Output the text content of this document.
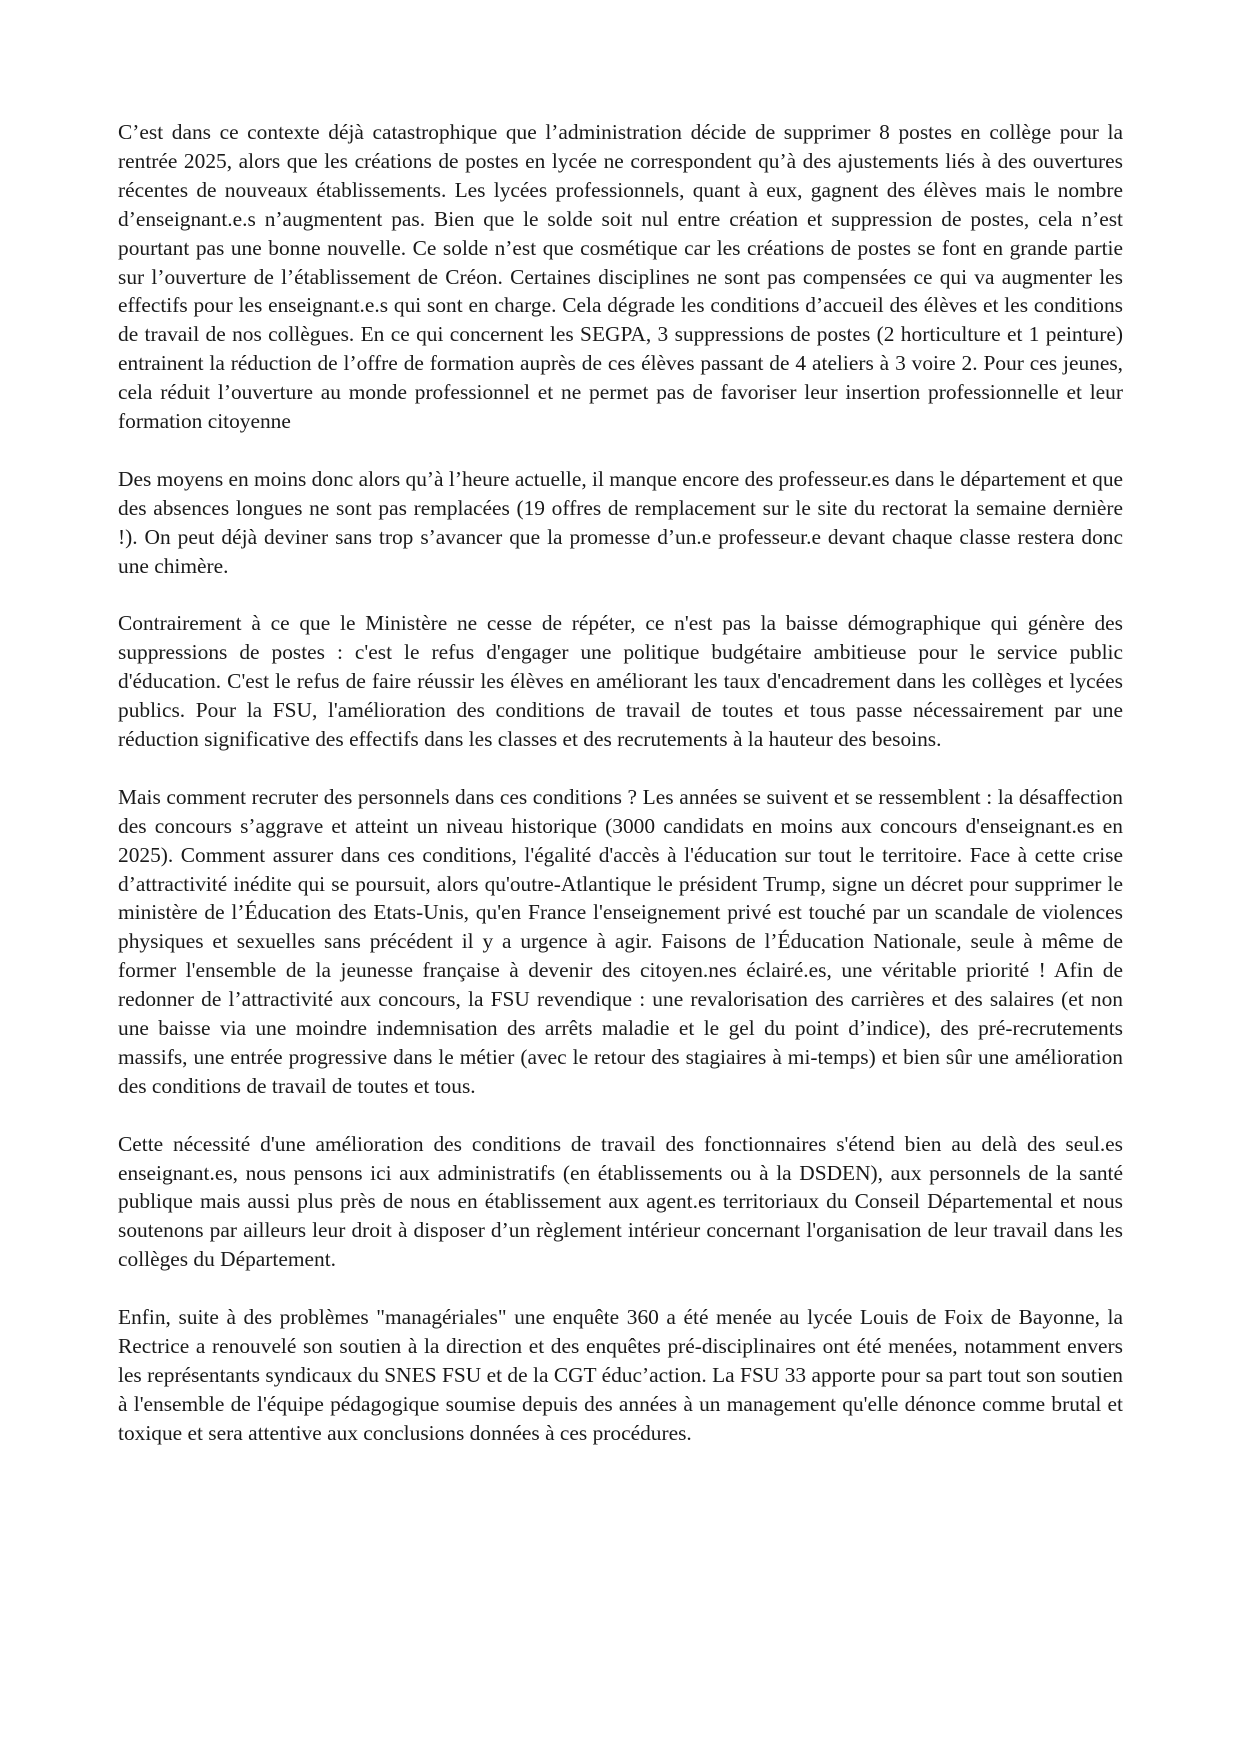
C’est dans ce contexte déjà catastrophique que l’administration décide de supprimer 8 postes en collège pour la rentrée 2025, alors que les créations de postes en lycée ne correspondent qu’à des ajustements liés à des ouvertures récentes de nouveaux établissements. Les lycées professionnels, quant à eux, gagnent des élèves mais le nombre d’enseignant.e.s n’augmentent pas. Bien que le solde soit nul entre création et suppression de postes, cela n’est pourtant pas une bonne nouvelle. Ce solde n’est que cosmétique car les créations de postes se font en grande partie sur l’ouverture de l’établissement de Créon. Certaines disciplines ne sont pas compensées ce qui va augmenter les effectifs pour les enseignant.e.s qui sont en charge. Cela dégrade les conditions d’accueil des élèves et les conditions de travail de nos collègues. En ce qui concernent les SEGPA, 3 suppressions de postes (2 horticulture et 1 peinture) entrainent la réduction de l’offre de formation auprès de ces élèves passant de 4 ateliers à 3 voire 2. Pour ces jeunes, cela réduit l’ouverture au monde professionnel et ne permet pas de favoriser leur insertion professionnelle et leur formation citoyenne

Des moyens en moins donc alors qu’à l’heure actuelle, il manque encore des professeur.es dans le département et que des absences longues ne sont pas remplacées (19 offres de remplacement sur le site du rectorat la semaine dernière !). On peut déjà deviner sans trop s’avancer que la promesse d’un.e professeur.e devant chaque classe restera donc une chimère.

Contrairement à ce que le Ministère ne cesse de répéter, ce n'est pas la baisse démographique qui génère des suppressions de postes : c'est le refus d'engager une politique budgétaire ambitieuse pour le service public d'éducation. C'est le refus de faire réussir les élèves en améliorant les taux d'encadrement dans les collèges et lycées publics. Pour la FSU, l'amélioration des conditions de travail de toutes et tous passe nécessairement par une réduction significative des effectifs dans les classes et des recrutements à la hauteur des besoins.

Mais comment recruter des personnels dans ces conditions ? Les années se suivent et se ressemblent : la désaffection des concours s’aggrave et atteint un niveau historique (3000 candidats en moins aux concours d'enseignant.es en 2025). Comment assurer dans ces conditions, l'égalité d'accès à l'éducation sur tout le territoire. Face à cette crise d’attractivité inédite qui se poursuit, alors qu'outre-Atlantique le président Trump, signe un décret pour supprimer le ministère de l’Éducation des Etats-Unis, qu'en France l'enseignement privé est touché par un scandale de violences physiques et sexuelles sans précédent il y a urgence à agir. Faisons de l’Éducation Nationale, seule à même de former l'ensemble de la jeunesse française à devenir des citoyen.nes éclairé.es, une véritable priorité ! Afin de redonner de l’attractivité aux concours, la FSU revendique : une revalorisation des carrières et des salaires (et non une baisse via une moindre indemnisation des arrêts maladie et le gel du point d’indice), des pré-recrutements massifs, une entrée progressive dans le métier (avec le retour des stagiaires à mi-temps) et bien sûr une amélioration des conditions de travail de toutes et tous.

Cette nécessité d'une amélioration des conditions de travail des fonctionnaires s'étend bien au delà des seul.es enseignant.es, nous pensons ici aux administratifs (en établissements ou à la DSDEN), aux personnels de la santé publique mais aussi plus près de nous en établissement aux agent.es territoriaux du Conseil Départemental et nous soutenons par ailleurs leur droit à disposer d’un règlement intérieur concernant l'organisation de leur travail dans les collèges du Département.

Enfin, suite à des problèmes "managériales" une enquête 360 a été menée au lycée Louis de Foix de Bayonne, la Rectrice a renouvelé son soutien à la direction et des enquêtes pré-disciplinaires ont été menées, notamment envers les représentants syndicaux du SNES FSU et de la CGT éduc’action. La FSU 33 apporte pour sa part tout son soutien à l'ensemble de l'équipe pédagogique soumise depuis des années à un management qu'elle dénonce comme brutal et toxique et sera attentive aux conclusions données à ces procédures.
